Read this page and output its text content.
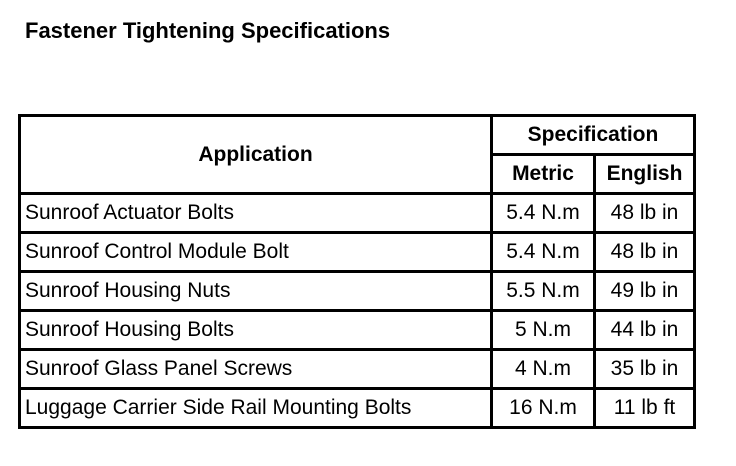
Fastener Tightening Specifications
Application	Specification	
	Metric	English
Sunroof Actuator Bolts	5.4 N.m	48 lb in
Sunroof Control Module Bolt	5.4 N.m	48 lb in
Sunroof Housing Nuts	5.5 N.m	49 lb in
Sunroof Housing Bolts	5 N.m	44 lb in
Sunroof Glass Panel Screws	4 N.m	35 lb in
Luggage Carrier Side Rail Mounting Bolts	16 N.m	11 lb ft
